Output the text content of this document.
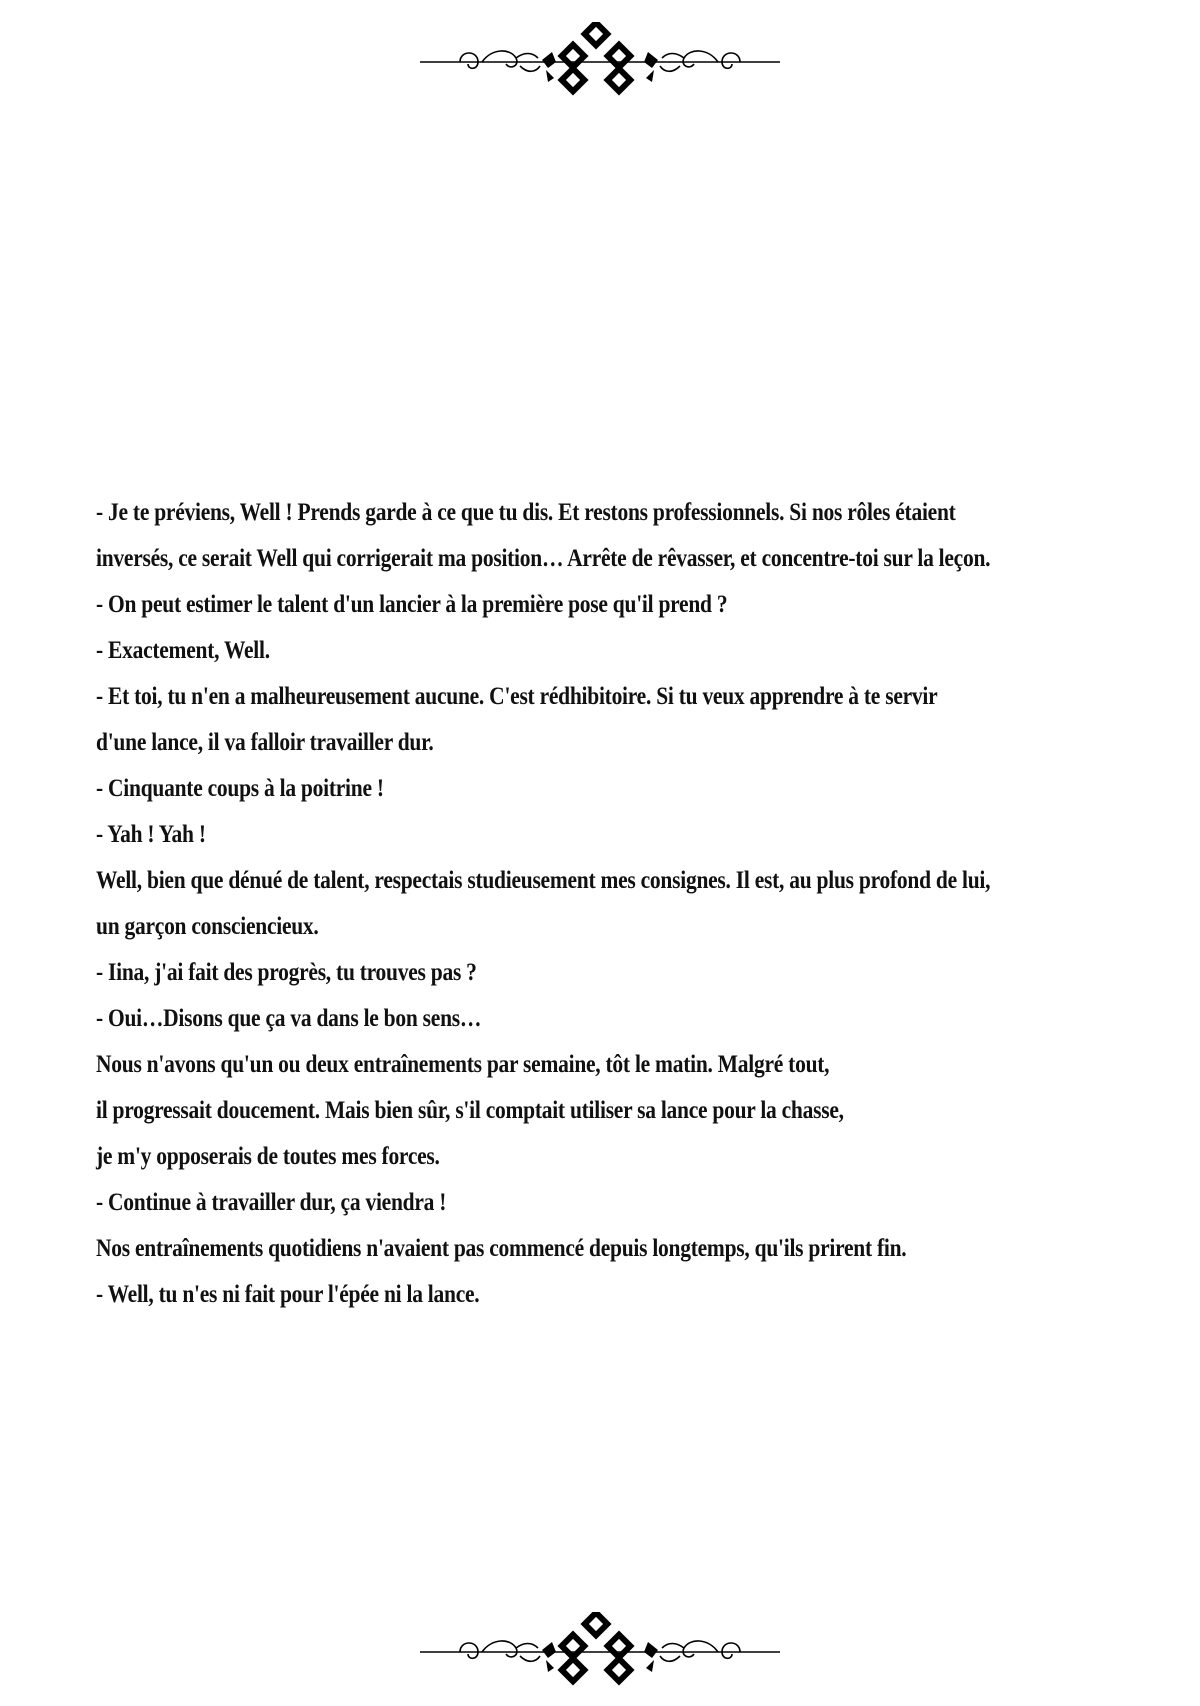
- Je te préviens, Well ! Prends garde à ce que tu dis. Et restons professionnels. Si nos rôles étaient
inversés, ce serait Well qui corrigerait ma position… Arrête de rêvasser, et concentre-toi sur la leçon.
- On peut estimer le talent d'un lancier à la première pose qu'il prend ?
- Exactement, Well.
- Et toi, tu n'en a malheureusement aucune. C'est rédhibitoire. Si tu veux apprendre à te servir
d'une lance, il va falloir travailler dur.
- Cinquante coups à la poitrine !
- Yah ! Yah !
Well, bien que dénué de talent, respectais studieusement mes consignes. Il est, au plus profond de lui,
un garçon consciencieux.
- Iina, j'ai fait des progrès, tu trouves pas ?
- Oui…Disons que ça va dans le bon sens…
Nous n'avons qu'un ou deux entraînements par semaine, tôt le matin. Malgré tout,
il progressait doucement. Mais bien sûr, s'il comptait utiliser sa lance pour la chasse,
je m'y opposerais de toutes mes forces.
- Continue à travailler dur, ça viendra !
Nos entraînements quotidiens n'avaient pas commencé depuis longtemps, qu'ils prirent fin.
- Well, tu n'es ni fait pour l'épée ni la lance.
